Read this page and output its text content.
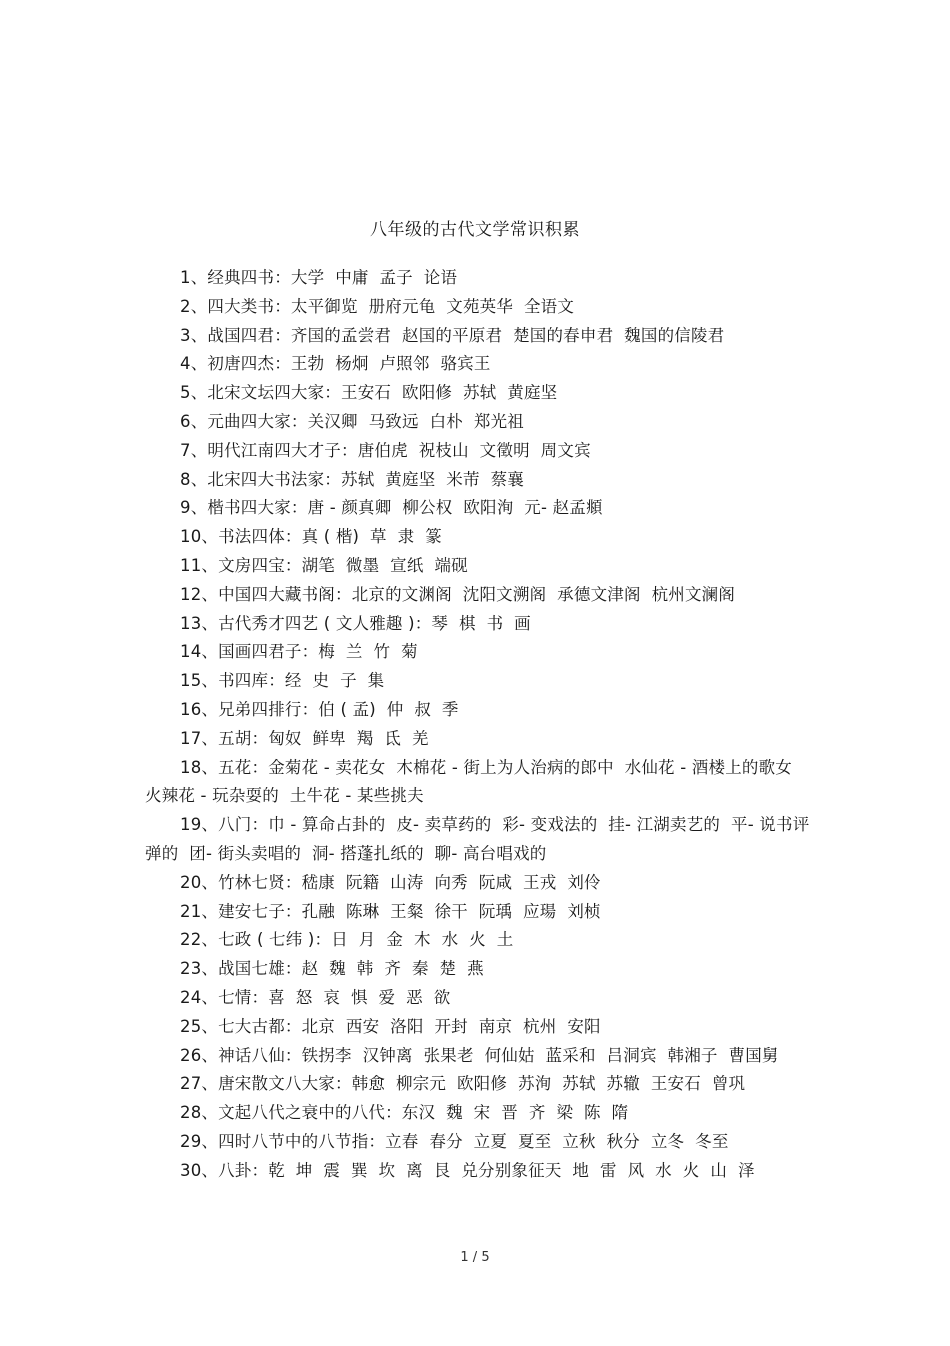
八年级的古代文学常识积累
1、经典四书：大学  中庸  孟子  论语
2、四大类书：太平御览  册府元龟  文苑英华  全语文
3、战国四君：齐国的孟尝君  赵国的平原君  楚国的春申君  魏国的信陵君
4、初唐四杰：王勃  杨炯  卢照邻  骆宾王
5、北宋文坛四大家：王安石  欧阳修  苏轼  黄庭坚
6、元曲四大家：关汉卿  马致远  白朴  郑光祖
7、明代江南四大才子：唐伯虎  祝枝山  文徵明  周文宾
8、北宋四大书法家：苏轼  黄庭坚  米芾  蔡襄
9、楷书四大家：唐 - 颜真卿  柳公权  欧阳洵  元- 赵孟頫
10、书法四体：真 ( 楷)  草  隶  篆
11、文房四宝：湖笔  微墨  宣纸  端砚
12、中国四大藏书阁：北京的文渊阁  沈阳文溯阁  承德文津阁  杭州文澜阁
13、古代秀才四艺 ( 文人雅趣 )：琴  棋  书  画
14、国画四君子：梅  兰  竹  菊
15、书四库：经  史  子  集
16、兄弟四排行：伯 ( 孟)  仲  叔  季
17、五胡：匈奴  鲜卑  羯  氐  羌
18、五花：金菊花 - 卖花女  木棉花 - 街上为人治病的郎中  水仙花 - 酒楼上的歌女  火辣花 - 玩杂耍的  土牛花 - 某些挑夫
19、八门：巾 - 算命占卦的  皮- 卖草药的  彩- 变戏法的  挂- 江湖卖艺的  平- 说书评弹的  团- 街头卖唱的  洞- 搭蓬扎纸的  聊- 高台唱戏的
20、竹林七贤：嵇康  阮籍  山涛  向秀  阮咸  王戎  刘伶
21、建安七子：孔融  陈琳  王粲  徐干  阮瑀  应瑒  刘桢
22、七政 ( 七纬 )：日  月  金  木  水  火  土
23、战国七雄：赵  魏  韩  齐  秦  楚  燕
24、七情：喜  怒  哀  惧  爱  恶  欲
25、七大古都：北京  西安  洛阳  开封  南京  杭州  安阳
26、神话八仙：铁拐李  汉钟离  张果老  何仙姑  蓝采和  吕洞宾  韩湘子  曹国舅
27、唐宋散文八大家：韩愈  柳宗元  欧阳修  苏洵  苏轼  苏辙  王安石  曾巩
28、文起八代之衰中的八代：东汉  魏  宋  晋  齐  梁  陈  隋
29、四时八节中的八节指：立春  春分  立夏  夏至  立秋  秋分  立冬  冬至
30、八卦：乾  坤  震  巽  坎  离  艮  兑分别象征天  地  雷  风  水  火  山  泽
1 / 5
